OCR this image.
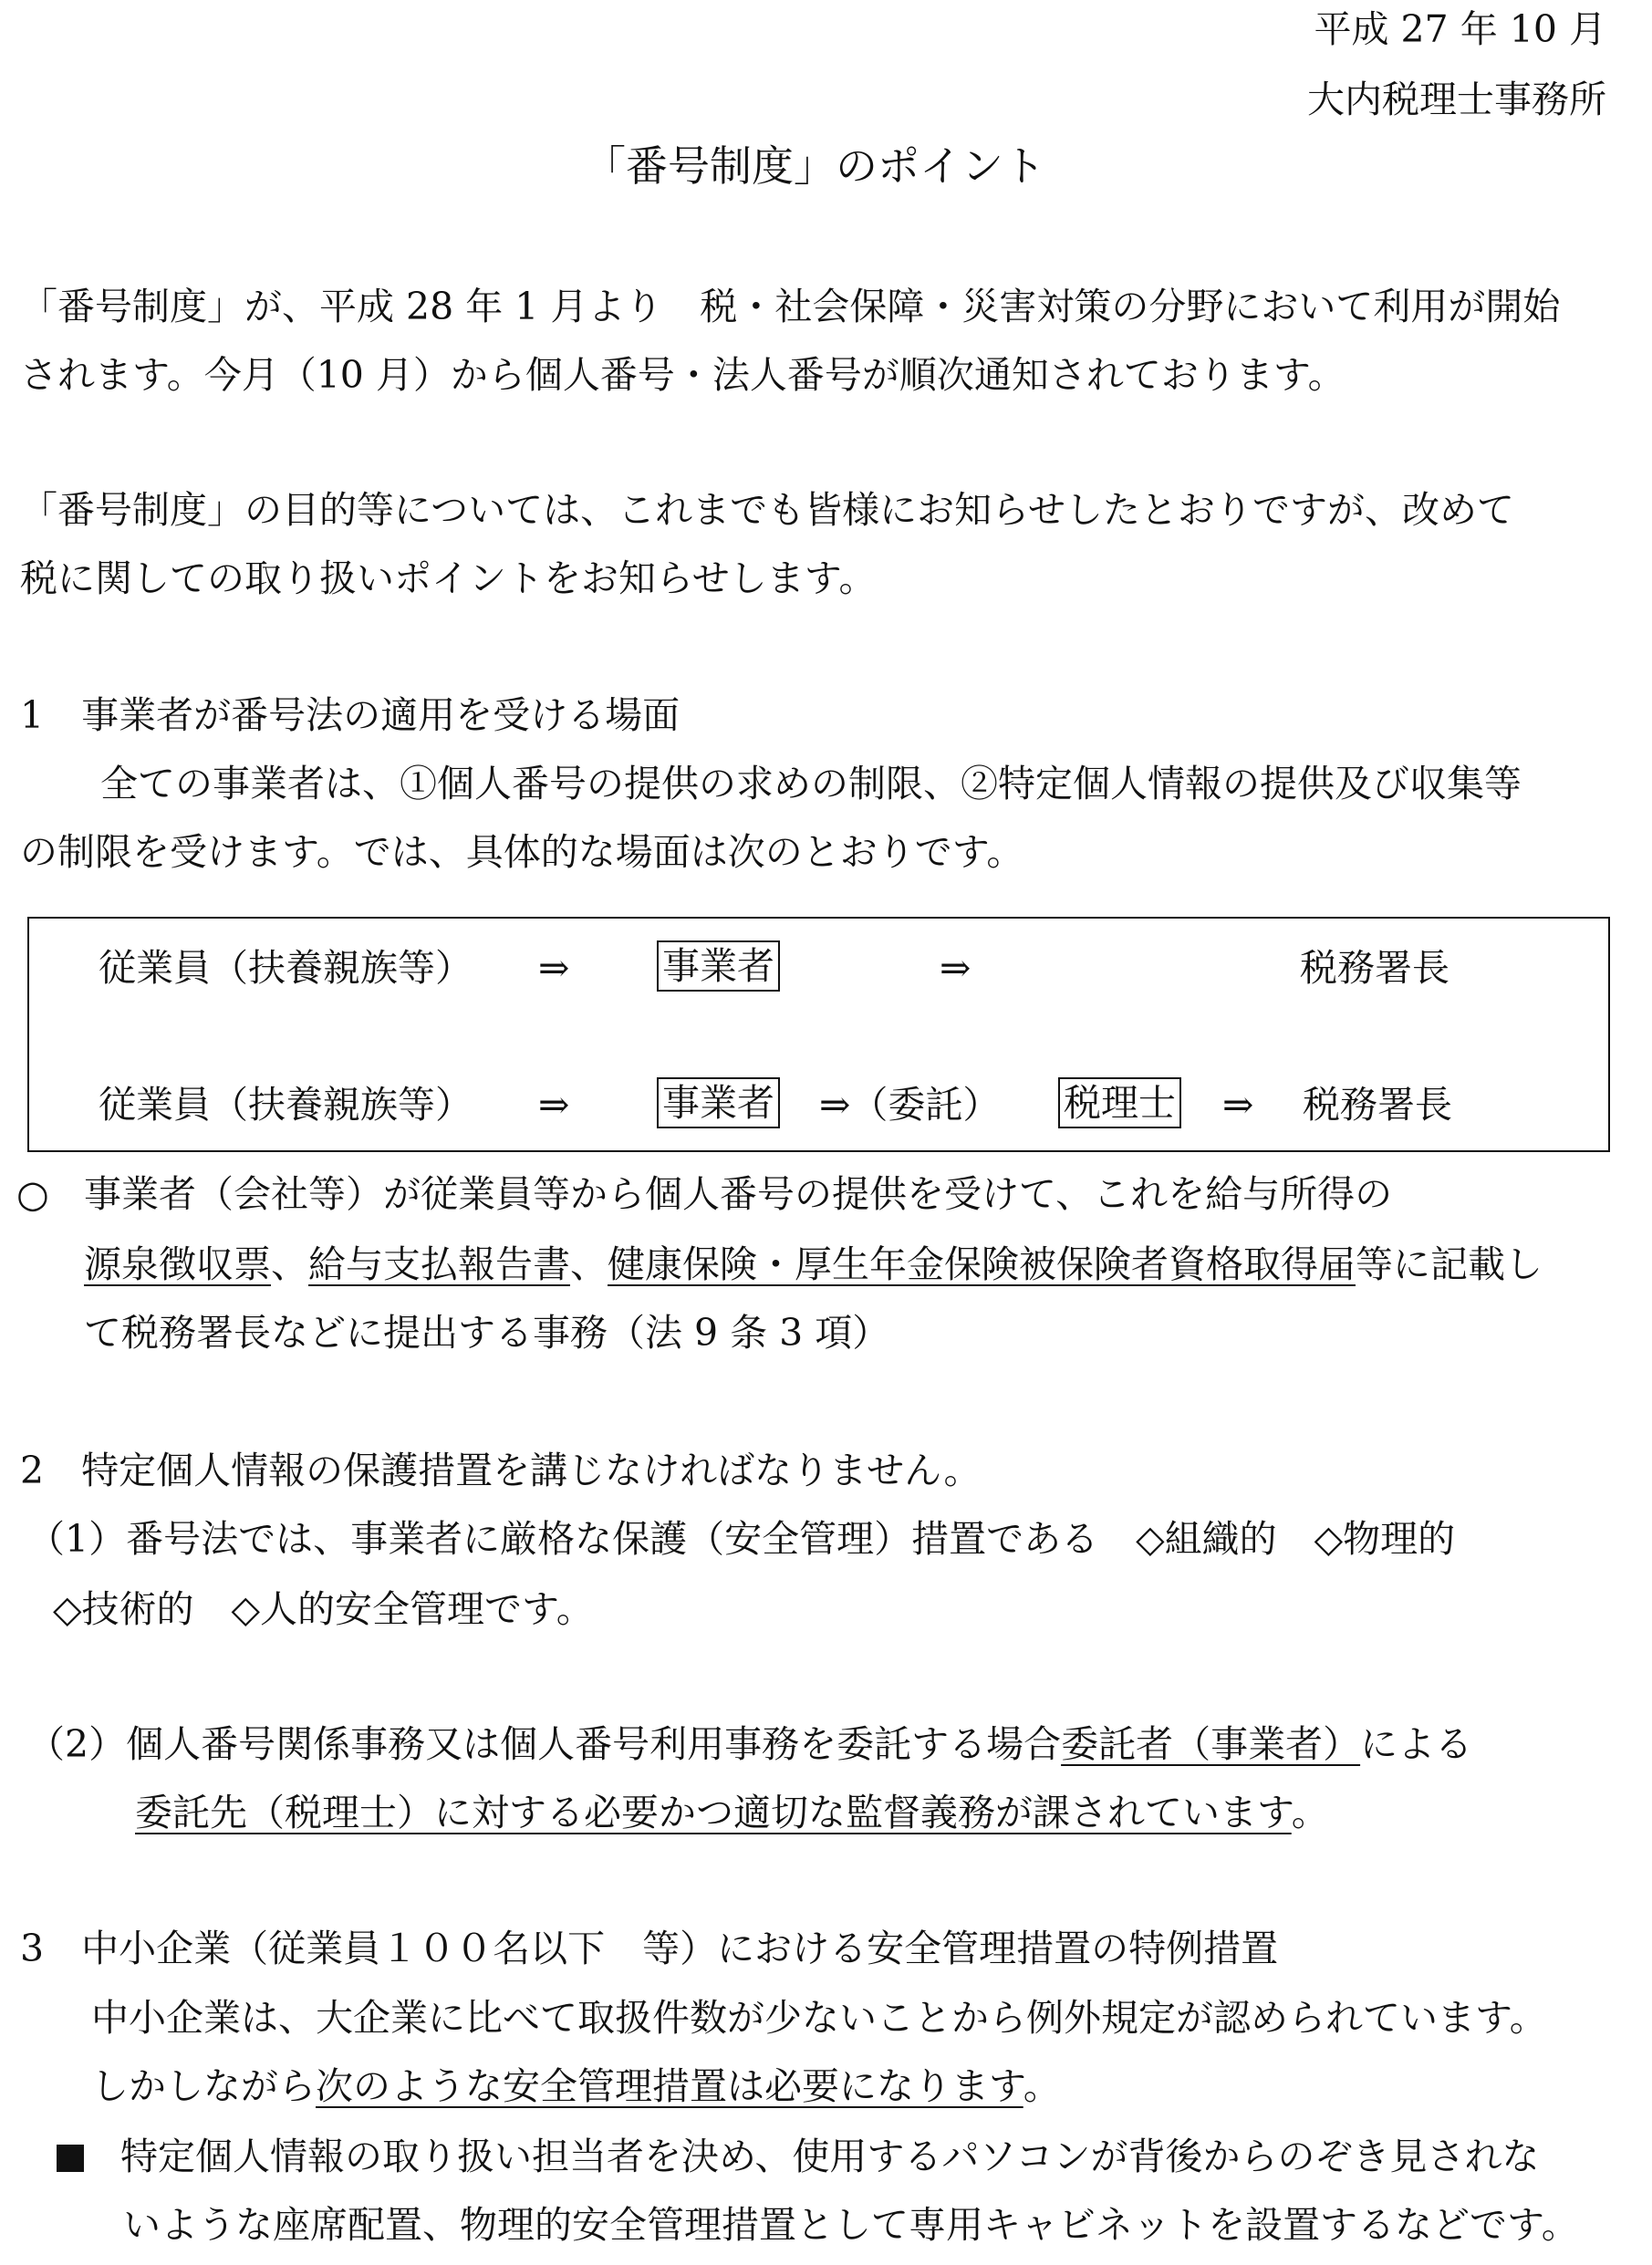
平成 27 年 10 月
大内税理士事務所
「番号制度」のポイント
「番号制度」が、平成 28 年 1 月より　税・社会保障・災害対策の分野において利用が開始
されます。今月（10 月）から個人番号・法人番号が順次通知されております。
「番号制度」の目的等については、これまでも皆様にお知らせしたとおりですが、改めて
税に関しての取り扱いポイントをお知らせします。
1　事業者が番号法の適用を受ける場面
全ての事業者は、①個人番号の提供の求めの制限、②特定個人情報の提供及び収集等
の制限を受けます。では、具体的な場面は次のとおりです。
従業員（扶養親族等） ⇒ 事業者	⇒	税務署長
従業員（扶養親族等） ⇒ 事業者 ⇒（委託） 税理士 ⇒ 税務署長
○ 事業者（会社等）が従業員等から個人番号の提供を受けて、これを給与所得の
源泉徴収票、給与支払報告書、健康保険・厚生年金保険被保険者資格取得届等に記載し
て税務署長などに提出する事務（法 9 条 3 項）
2　特定個人情報の保護措置を講じなければなりません。
（1）番号法では、事業者に厳格な保護（安全管理）措置である　◇組織的　◇物理的
◇技術的　◇人的安全管理です。
（2）個人番号関係事務又は個人番号利用事務を委託する場合委託者（事業者）による
委託先（税理士）に対する必要かつ適切な監督義務が課されています。
3　中小企業（従業員１００名以下　等）における安全管理措置の特例措置
中小企業は、大企業に比べて取扱件数が少ないことから例外規定が認められています。
しかしながら次のような安全管理措置は必要になります。
特定個人情報の取り扱い担当者を決め、使用するパソコンが背後からのぞき見されな
いような座席配置、物理的安全管理措置として専用キャビネットを設置するなどです。
